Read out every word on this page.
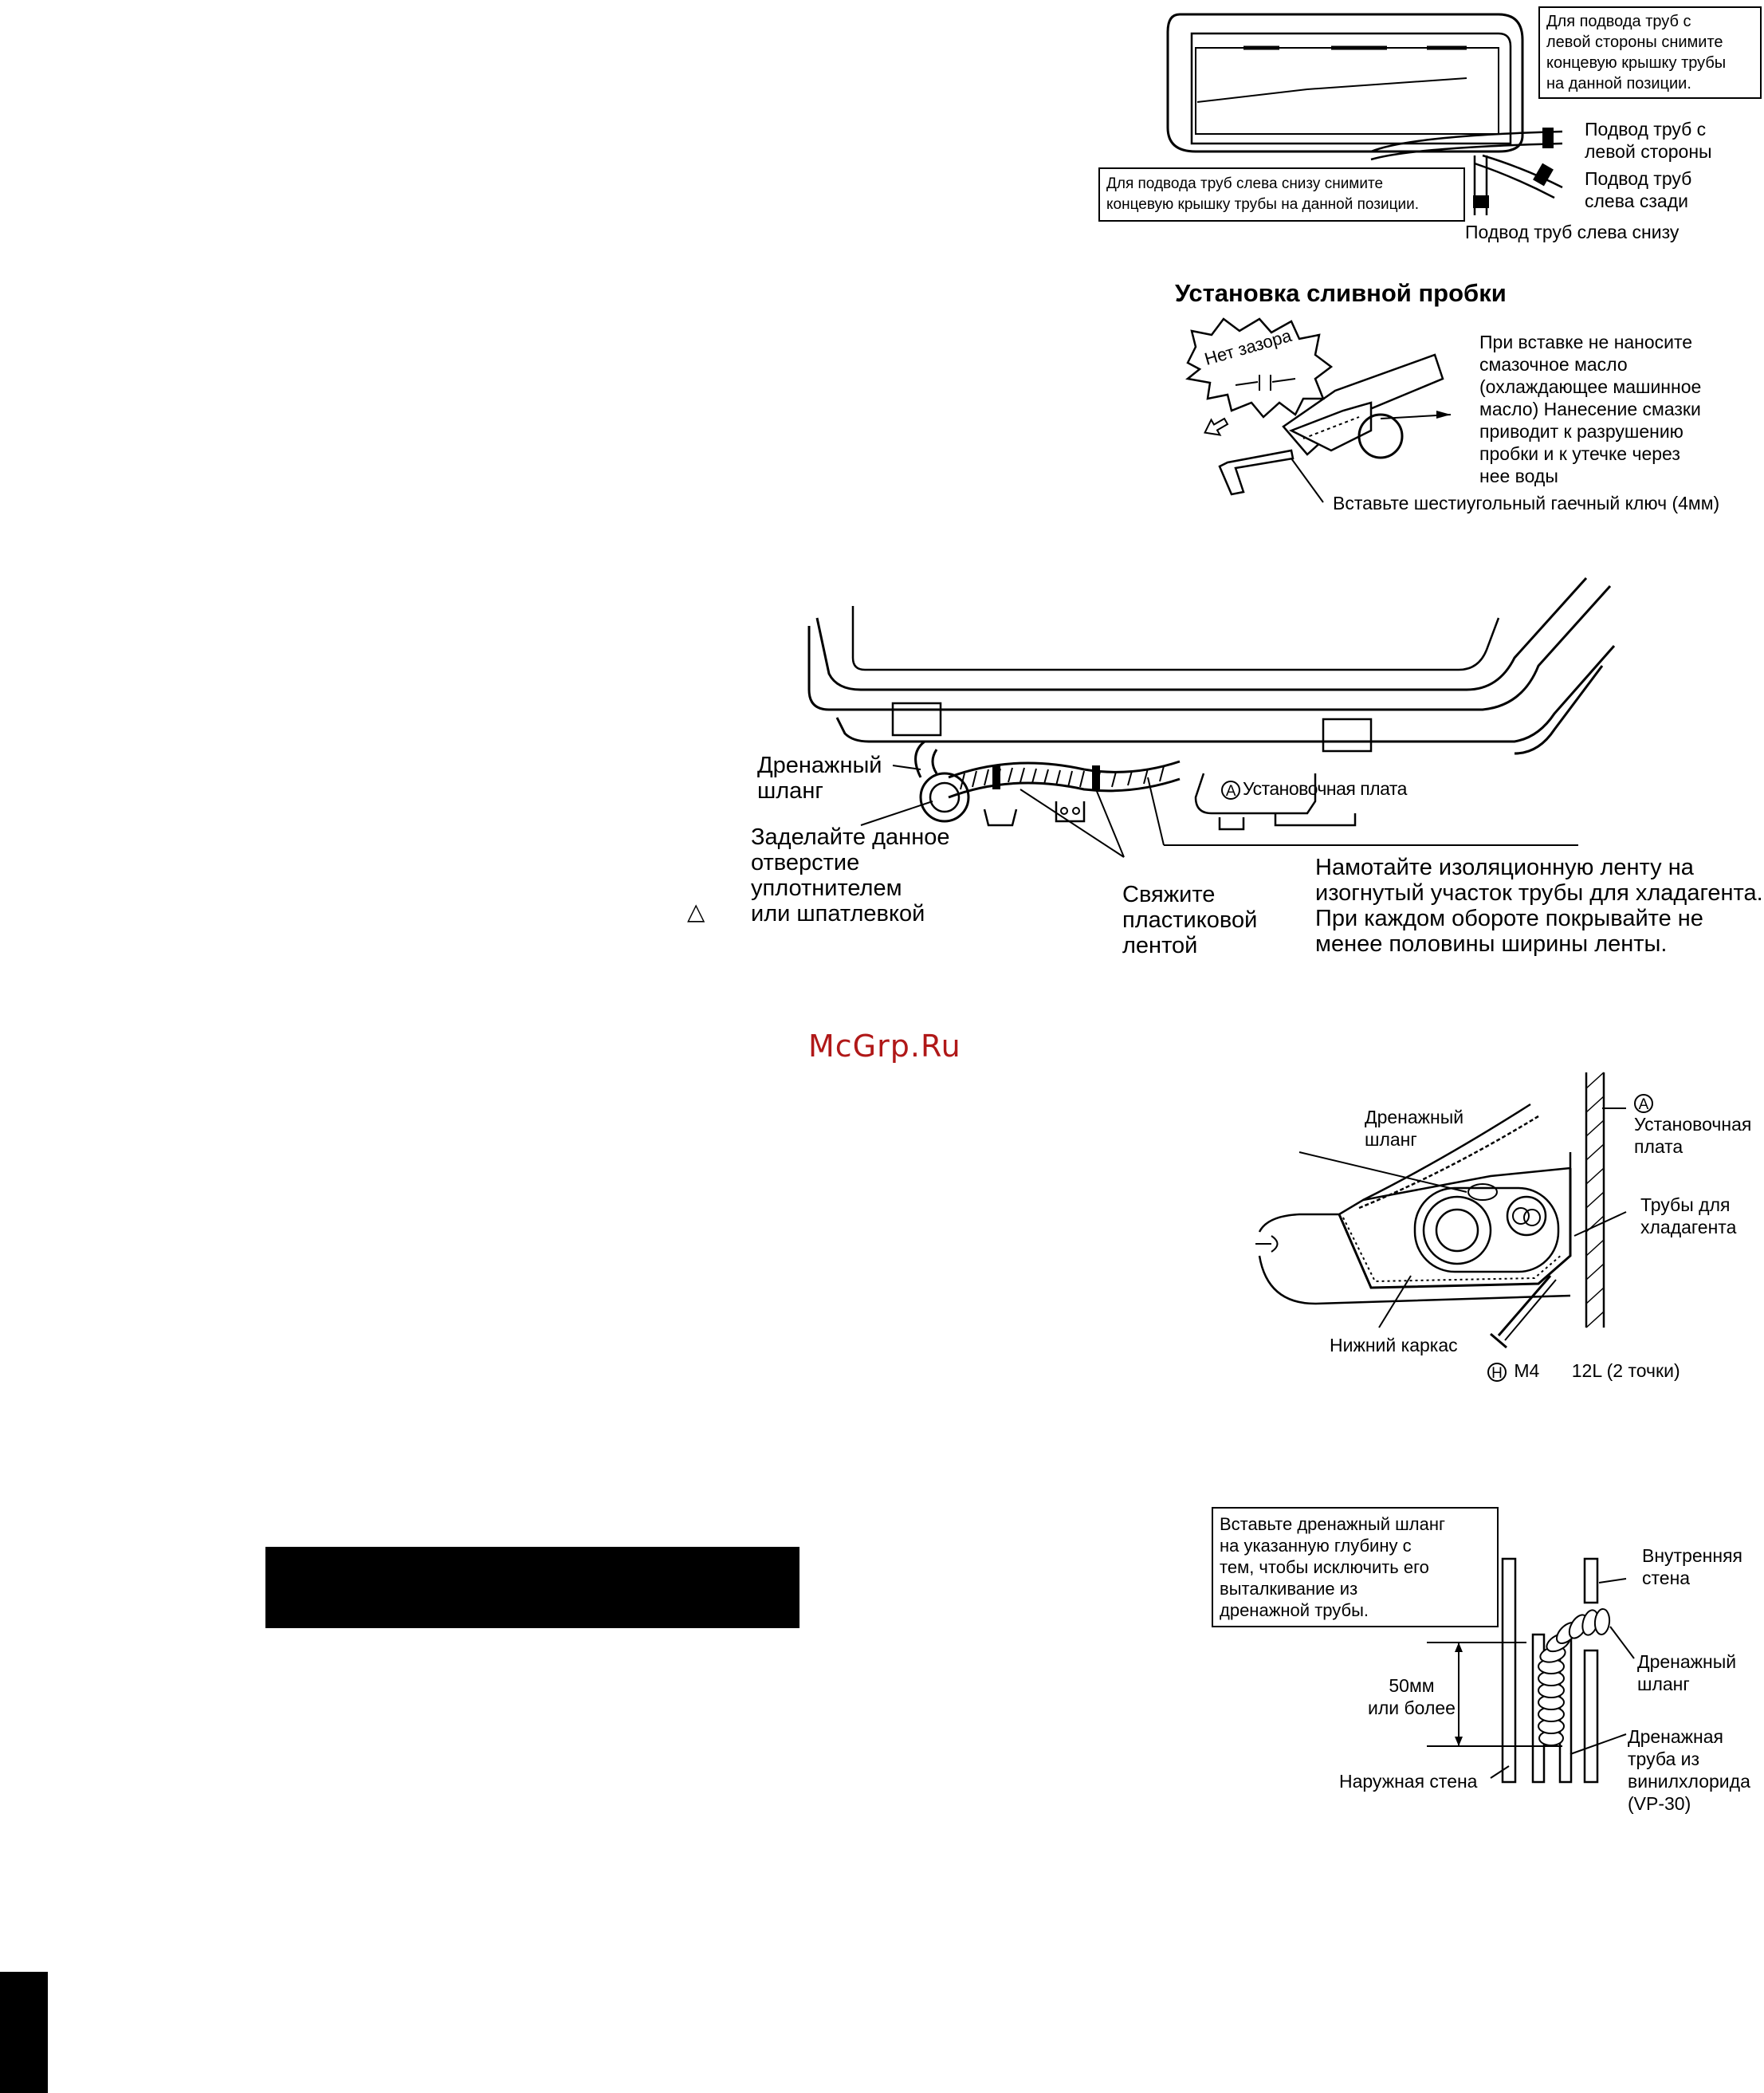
Для подвода труб с
левой стороны снимите
концевую крышку трубы
на данной позиции.
Для подвода труб слева снизу снимите
концевую крышку трубы на данной позиции.
Подвод труб с
левой стороны
Подвод труб
слева сзади
Подвод труб слева снизу
Установка сливной пробки
Нет зазора	При вставке не наносите
смазочное масло
(охлаждающее машинное
масло) Нанесение смазки
приводит к разрушению
пробки и к утечке через
нее воды
Вставьте шестиугольный гаечный ключ (4мм)
Дренажный
шланг
Заделайте данное
отверстие
уплотнителем
или шпатлевкой
△
Свяжите
пластиковой
лентой
A Установочная плата
Намотайте изоляционную ленту на
изогнутый участок трубы для хладагента.
При каждом обороте покрывайте не
менее половины ширины ленты.
McGrp.Ru
Дренажный
шланг
A
Установочная
плата
Трубы для
хладагента
Нижний каркас
H M4 12L (2 точки)
Вставьте дренажный шланг
на указанную глубину с
тем, чтобы исключить его
выталкивание из
дренажной трубы.
50мм
или более
Наружная стена
Внутренняя
стена
Дренажный
шланг
Дренажная
труба из
винилхлорида
(VP-30)
